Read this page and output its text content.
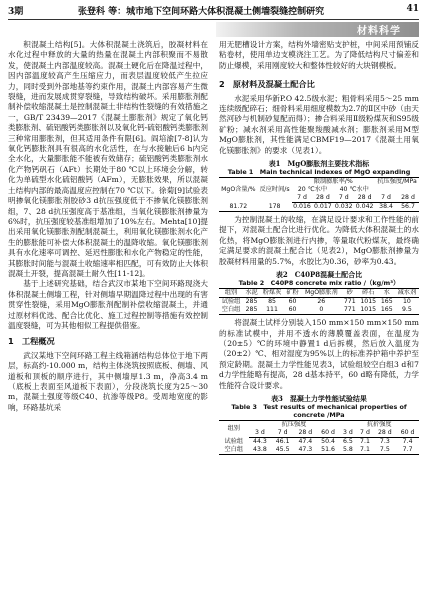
3期	张登科 等：城市地下空间环路大体积混凝土侧墙裂缝控制研究	41
材料科学

积混凝土结构[5]。大体积混凝土浇筑后，胶凝材料在水化过程中释放的大量的热量在混凝土内部积聚而不易散发，使混凝土内部温度较高。混凝土硬化后在降温过程中，因内部温度较高产生压缩应力，而表层温度较低产生拉应力，同时受到外部地基等约束作用，混凝土内部容易产生微裂缝，进而发展成贯穿裂缝，导致结构破坏。采用膨胀剂配制补偿收缩混凝土是控制混凝土非结构性裂缝的有效措施之一，GB/T 23439—2017《混凝土膨胀剂》规定了氧化钙类膨胀剂、硫铝酸钙类膨胀剂以及氧化钙-硫铝酸钙类膨胀剂三种常用膨胀剂，但其适用条件有限[6]。阎培渝[7-8]认为氧化钙膨胀剂具有很高的水化活性，在与水接触后6 h内完全水化，大量膨胀能不能被有效储存；硫铝酸钙类膨胀剂水化产物钙矾石（AFt）长期处于80 ℃以上环境会分解，转化为单硫型水化硫铝酸钙（AFm），无膨胀效果，所以混凝土结构内部的最高温度应控制在70 ℃以下。徐菊[9]试验表明掺氧化镁膨胀剂胶砂3 d抗压强度低于不掺氧化镁膨胀剂组，7、28 d抗压强度高于基准组，当氧化镁膨胀剂掺量为6%时，抗压强度较基准组增加了10%左右。Mehta[10]提出采用氧化镁膨胀剂配制混凝土，利用氧化镁膨胀剂水化产生的膨胀能可补偿大体积混凝土的温降收缩。氧化镁膨胀剂具有水化速率可调控、延迟性膨胀和水化产物稳定的性能，其膨胀时间能与混凝土收缩速率相匹配，可有效防止大体积混凝土开裂，提高混凝土耐久性[11-12]。

基于上述研究基础，结合武汉市某地下空间环路现浇大体积混凝土侧墙工程，针对侧墙早期温降过程中出现的有害贯穿性裂缝，采用MgO膨胀剂配制补偿收缩混凝土，并通过原材料优选、配合比优化、施工过程控制等措施有效控制温度裂缝，可为其他相似工程提供借鉴。

1　工程概况

武汉某地下空间环路工程主线箱涵结构总体位于地下两层，标高约-10.000 m，结构主体浇筑按照底板、侧墙、风道板和顶板的顺序进行，其中侧墙厚1.3 m，净高3.4 m（底板上表面至风道板下表面），分段浇筑长度为25～30 m，混凝土强度等级C40、抗渗等级P8。受周地宽度的影响，环路基坑采

用无肥槽设计方案，结构外墙密贴支护桩，中间采用预铺反粘卷材，使用单边支模浇注工艺。为了降低结构尺寸偏差和防止爆模，采用刚度较大和整体性较好的大块钢模板。

2　原材料及混凝土配合比

水泥采用华新P.O 42.5级水泥；粗骨料采用5～25 mm连续级配碎石；细骨料采用细度模数为2.7的Ⅱ区中砂（由天然河砂与机制砂复配而得）；掺合料采用Ⅱ级粉煤灰和S95级矿粉；减水剂采用高性能聚羧酸减水剂；膨胀剂采用M型MgO膨胀剂，其性能满足CBMF19—2017《混凝土用氧化镁膨胀剂》的要求（见表1）。

表1　MgO膨胀剂主要技术指标
Table 1　Main technical indexes of MgO expanding
MgO含量/%	反应时间/s	限制膨胀率/%				抗压强度/MPa	
		20 ℃水中		40 ℃水中			
		7 d	28 d	7 d	28 d	7 d	28 d
81.72	178	0.016	0.017	0.032	0.042	38.4	56.7

为控制混凝土的收缩，在满足设计要求和工作性能的前提下，对混凝土配合比进行优化。为降低大体积混凝土的水化热，将MgO膨胀剂进行内掺，等量取代粉煤灰，最终确定满足要求的混凝土配合比（见表2），MgO膨胀剂掺量为胶凝材料用量的5.7%，水胶比为0.36，砂率为0.43。

表2　C40P8混凝土配合比
Table 2　C40P8 concrete mix ratio /（kg/m³）
组别	水泥	粉煤灰	矿粉	MgO膨胀剂	砂	碎石	水	减水剂
试验组	285	85	60	26	771	1015	165	10
空白组	285	111	60	0	771	1015	165	9.5

将混凝土试样分别装入150 mm×150 mm×150 mm的标准试模中，并用不透水的薄膜覆盖表面，在温度为（20±5）℃的环境中静置1 d后拆模，然后放入温度为（20±2）℃、相对湿度为95%以上的标准养护箱中养护至预定龄期。混凝土力学性能见表3，试验组较空白组3 d和7 d力学性能略有提高，28 d基本持平，60 d略有降低，力学性能符合设计要求。

表3　混凝土力学性能试验结果
Table 3　Test results of mechanical properties of concrete /MPa
组别	抗压强度				抗折强度			
	3 d	7 d	28 d	60 d	3 d	7 d	28 d	60 d
试验组	44.3	46.1	47.4	50.4	6.5	7.1	7.3	7.4
空白组	43.8	45.5	47.3	51.6	5.8	7.1	7.5	7.7
